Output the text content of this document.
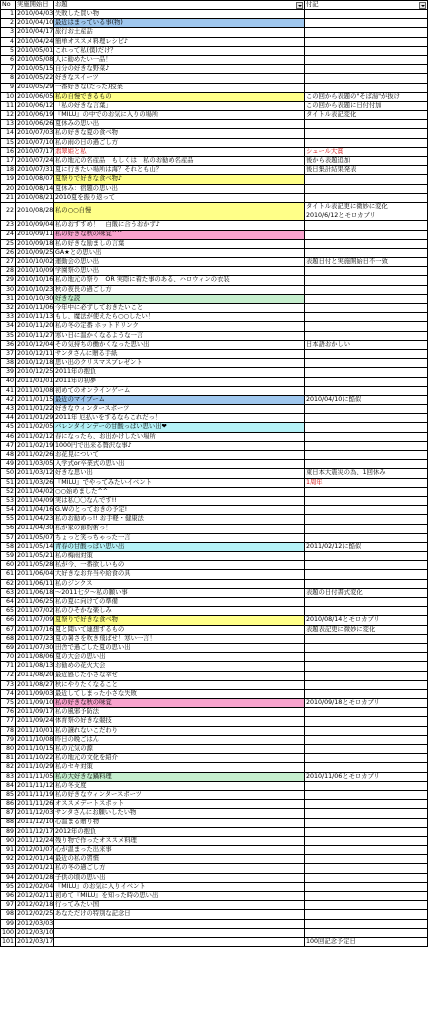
No	実施開始日	お題	付記
1 2010/04/03 失敗した買い物
2 2010/04/10 最近はまっている事(物)
3 2010/04/17 旅行お土産話
4 2010/04/24 簡単オススメ料理レシピ♪
5 2010/05/01 これって私(僕)だけ？
6 2010/05/08 人に勧めたい一品！
7 2010/05/15 自分の好きな野菜♪
8 2010/05/22 好きなスイーツ
9 2010/05/29 一番好きな(だった)授業
10 2010/06/05 私の自慢できるもの	この回から表題の"そば湯"が抜け
11 2010/06/12 「私の好きな言葉」	この回から表題に日付付加
12 2010/06/19 『MILU』の中でのお気に入りの場所	タイトル表記変化
13 2010/06/26 夏休みの思い出
14 2010/07/03 私の好きな夏の食べ物
15 2010/07/10 私の雨の日の過ごし方
16 2010/07/17 翡翠姫と私	シュール大賞
17 2010/07/24 私の地元の名産品　もしくは　私のお勧め名産品	後から表題追加
18 2010/07/31 夏に行きたい場所は海？それとも山？	後日集計結果発表
19 2010/08/07 夏祭りで好きな食べ物♪
20 2010/08/14 夏休み：宿題の思い出
21 2010/08/21 2010夏を振り返って
22 2010/08/28 私の○○自慢
タイトル表記更に微妙に変化
2010/6/12とモロカブリ
23 2010/09/04 私のおすすめ！　白飯に合うおかず♪
24 2010/09/11 私の好きな秋の味覚^^
25 2010/09/18 私の好きな励ましの言葉
26 2010/09/25 GA★との思い出
27 2010/10/02 運動会の思い出	表題日付と実施開始日不一致
28 2010/10/09 学園祭の思い出
29 2010/10/16 私の地元の祭り　OR 実際に着た事のある、ハロウィンの衣装
30 2010/10/23 秋の夜長の過ごし方
31 2010/10/30 好きな読
32 2010/11/06 今年中に必ずしておきたいこと
33 2010/11/13 もし、魔法が使えたら○○したい！
34 2010/11/20 私の冬の定番 ホットドリンク
35 2010/11/27 寒い日に温かくなるような一言
36 2010/12/04 その気持ちの働かくなった思い出	日本語おかしい
37 2010/12/11 サンタさんに贈る手紙
38 2010/12/18 思い出のクリスマスプレゼント
39 2010/12/25 2011年の抱負
40 2011/01/01 2011年の初夢
41 2011/01/08 初めてのオンラインゲーム
42 2011/01/15 最近のマイブーム	2010/04/10に酷似
43 2011/01/22 好きなウィンタースポーツ
44 2011/01/29 2011年 厄払いをするならこれだっ！
45 2011/02/05 バレンタインデーの甘酸っぱい思い出❤
46 2011/02/12 春になったら、お出かけしたい場所
47 2011/02/19 1000円で出来る贅沢な事♪
48 2011/02/26 お花見について
49 2011/03/05 入学式or卒業式の思い出
50 2011/03/12 好きな思い出	東日本大震災の為、1回休み
51 2011/03/26 『MILU』でやってみたいイベント	1周年
52 2011/04/02 ○○始めました^^
53 2011/04/09 実は私〇〇なんです!!
54 2011/04/16 G.Wのとっておきの予定!
55 2011/04/23 私のお勧めっ!! お手軽・健康法
56 2011/04/30 私が家の節約術っ！
57 2011/05/07 ちょっと笑っちゃった一言
58 2011/05/14 青春の甘酸っぱい思い出	2011/02/12に酷似
59 2011/05/21 私の梅雨対策
60 2011/05/28 私が今、一番欲しいもの
61 2011/06/04 大好きなお弁当や給食の具
62 2011/06/11 私のジンクス
63 2011/06/18 ～2011七夕～私の願い事	表題の日付書式変化
64 2011/06/25 私の夏に向けての準備
65 2011/07/02 私のひそかな楽しみ
66 2011/07/09 夏祭りで好きな食べ物	2010/08/14とモロカブリ
67 2011/07/16 夏と聞いて連想するもの	表題表記更に微妙に変化
68 2011/07/23 夏の暑さを吹き飛ばせ！寒い一言！
69 2011/07/30 田舎で過ごした夏の思い出
70 2011/08/06 夏の大会の思い出
71 2011/08/13 お勧めの花火大会
72 2011/08/20 最近感じた小さな幸せ
73 2011/08/27 秋にやりたくなること
74 2011/09/03 最近してしまった小さな失敗
75 2011/09/10 私の好きな秋の味覚	2010/09/18とモロカブリ
76 2011/09/17 私の風邪予防法
77 2011/09/24 体育祭の好きな競技
78 2011/10/01 私の譲れないこだわり
79 2011/10/08 昨日の晩ごはん
80 2011/10/15 私の元気の源
81 2011/10/22 私の地元の文化を紹介
82 2011/10/29 私のセキ対策
83 2011/11/05 私の大好きな鍋料理	2010/11/06とモロカブリ
84 2011/11/12 私の冬支度
85 2011/11/19 私の好きなウィンタースポーツ
86 2011/11/26 オススメデートスポット
87 2011/12/03 サンタさんにお願いしたい物
88 2011/12/10 心温まる贈り物
89 2011/12/17 2012年の抱負
90 2011/12/24 残り物で作ったオススメ料理
91 2012/01/07 心が温まった出来事
92 2012/01/14 最近の私の習慣
93 2012/01/21 私の冬の過ごし方
94 2012/01/28 子供の頃の思い出
95 2012/02/04 『MILU』のお気に入りイベント
96 2012/02/11 初めて『MILU』を知った時の思い出
97 2012/02/18 行ってみたい国
98 2012/02/25 あなただけの特別な記念日
99 2012/03/03
100 2012/03/10
101 2012/03/17	100回記念予定日
